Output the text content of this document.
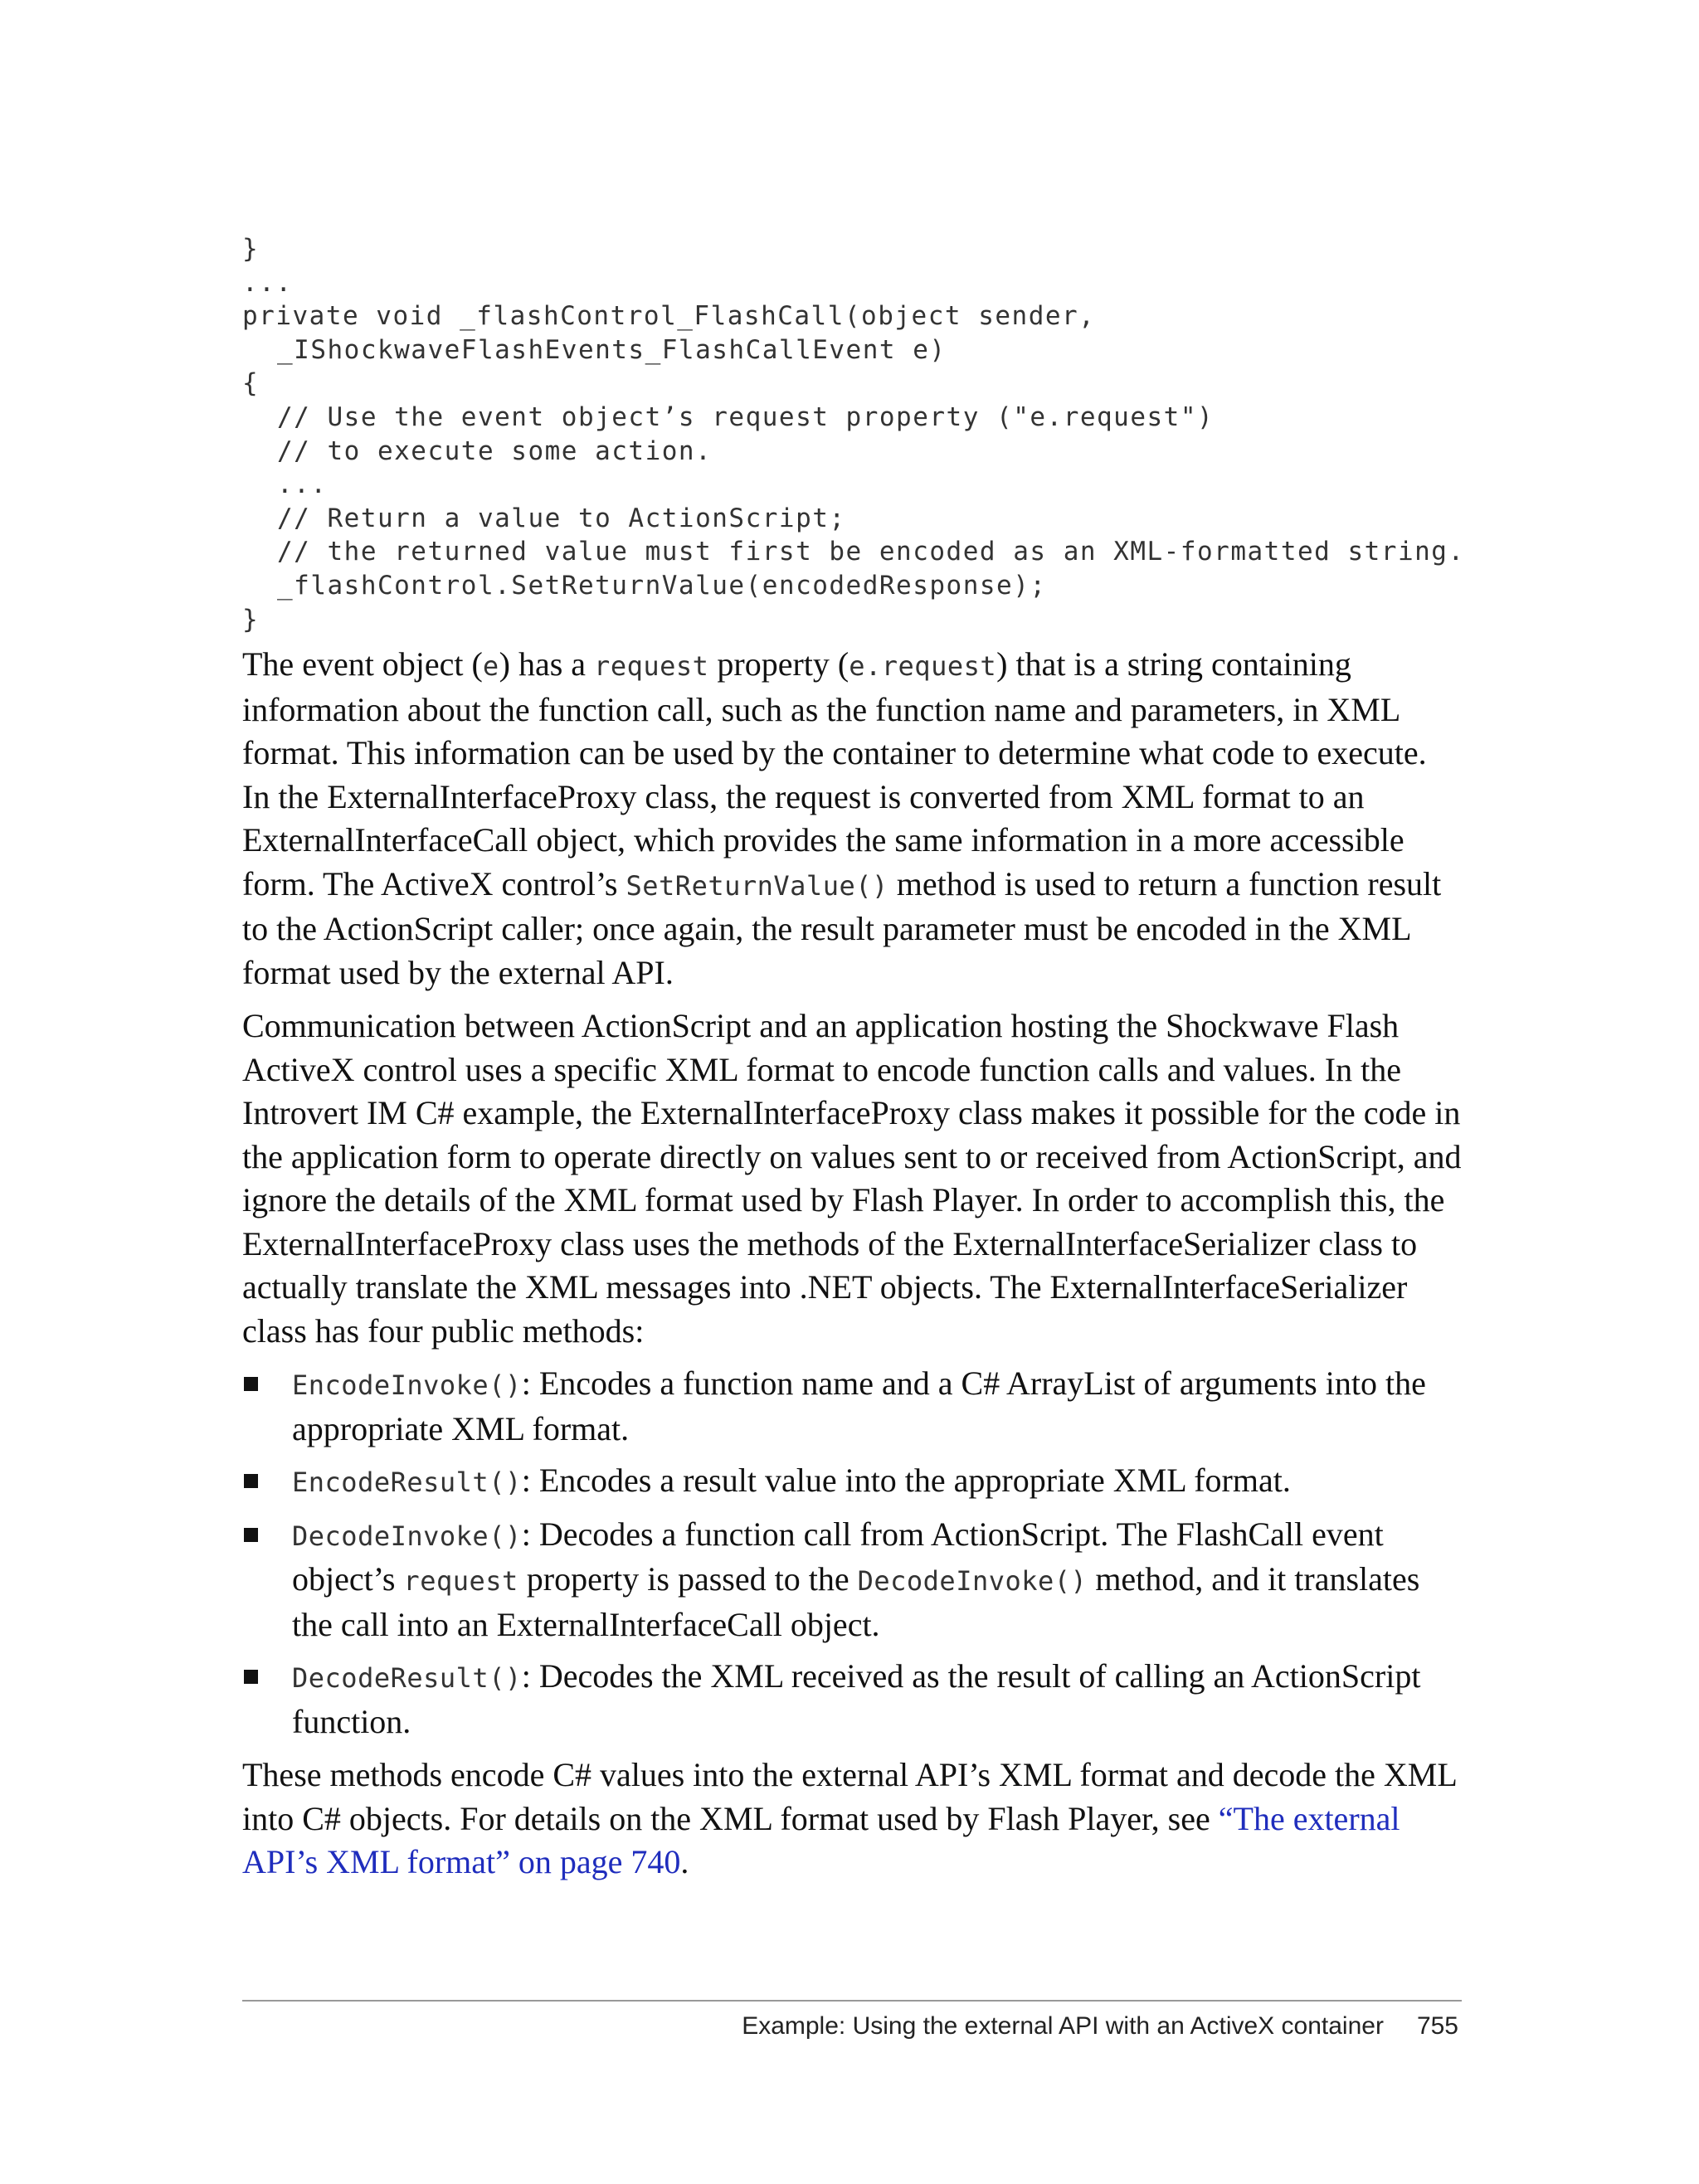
}
...
private void _flashControl_FlashCall(object sender,
_IShockwaveFlashEvents_FlashCallEvent e)
{
// Use the event object’s request property ("e.request")
// to execute some action.
...
// Return a value to ActionScript;
// the returned value must first be encoded as an XML-formatted string.
_flashControl.SetReturnValue(encodedResponse);
}

The event object (e) has a request property (e.request) that is a string containing information about the function call, such as the function name and parameters, in XML format. This information can be used by the container to determine what code to execute. In the ExternalInterfaceProxy class, the request is converted from XML format to an ExternalInterfaceCall object, which provides the same information in a more accessible form. The ActiveX control’s SetReturnValue() method is used to return a function result to the ActionScript caller; once again, the result parameter must be encoded in the XML format used by the external API.

Communication between ActionScript and an application hosting the Shockwave Flash ActiveX control uses a specific XML format to encode function calls and values. In the Introvert IM C# example, the ExternalInterfaceProxy class makes it possible for the code in the application form to operate directly on values sent to or received from ActionScript, and ignore the details of the XML format used by Flash Player. In order to accomplish this, the ExternalInterfaceProxy class uses the methods of the ExternalInterfaceSerializer class to actually translate the XML messages into .NET objects. The ExternalInterfaceSerializer class has four public methods:

EncodeInvoke(): Encodes a function name and a C# ArrayList of arguments into the appropriate XML format.
EncodeResult(): Encodes a result value into the appropriate XML format.
DecodeInvoke(): Decodes a function call from ActionScript. The FlashCall event object’s request property is passed to the DecodeInvoke() method, and it translates the call into an ExternalInterfaceCall object.
DecodeResult(): Decodes the XML received as the result of calling an ActionScript function.

These methods encode C# values into the external API’s XML format and decode the XML into C# objects. For details on the XML format used by Flash Player, see “The external API’s XML format” on page 740.

Example: Using the external API with an ActiveX container 755
